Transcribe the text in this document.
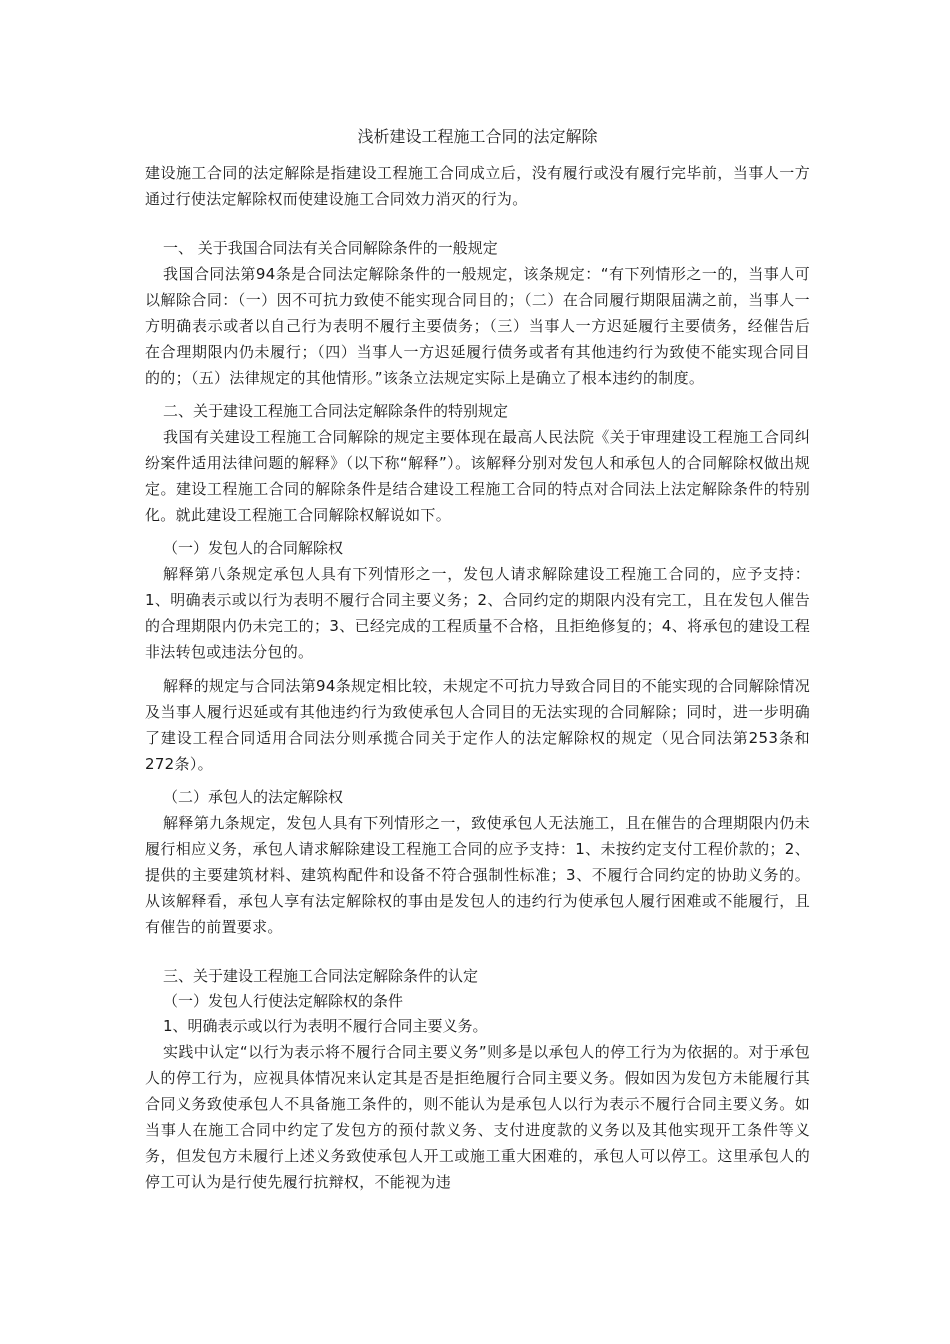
浅析建设工程施工合同的法定解除

建设施工合同的法定解除是指建设工程施工合同成立后，没有履行或没有履行完毕前，当事人一方通过行使法定解除权而使建设施工合同效力消灭的行为。

一、 关于我国合同法有关合同解除条件的一般规定

我国合同法第94条是合同法定解除条件的一般规定，该条规定：“有下列情形之一的，当事人可以解除合同：（一）因不可抗力致使不能实现合同目的；（二）在合同履行期限届满之前，当事人一方明确表示或者以自己行为表明不履行主要债务；（三）当事人一方迟延履行主要债务，经催告后在合理期限内仍未履行；（四）当事人一方迟延履行债务或者有其他违约行为致使不能实现合同目的的；（五）法律规定的其他情形。”该条立法规定实际上是确立了根本违约的制度。

二、关于建设工程施工合同法定解除条件的特别规定

我国有关建设工程施工合同解除的规定主要体现在最高人民法院《关于审理建设工程施工合同纠纷案件适用法律问题的解释》（以下称“解释”）。该解释分别对发包人和承包人的合同解除权做出规定。建设工程施工合同的解除条件是结合建设工程施工合同的特点对合同法上法定解除条件的特别化。就此建设工程施工合同解除权解说如下。

（一）发包人的合同解除权

解释第八条规定承包人具有下列情形之一，发包人请求解除建设工程施工合同的，应予支持：1、明确表示或以行为表明不履行合同主要义务；2、合同约定的期限内没有完工，且在发包人催告的合理期限内仍未完工的；3、已经完成的工程质量不合格，且拒绝修复的；4、将承包的建设工程非法转包或违法分包的。

解释的规定与合同法第94条规定相比较，未规定不可抗力导致合同目的不能实现的合同解除情况及当事人履行迟延或有其他违约行为致使承包人合同目的无法实现的合同解除；同时，进一步明确了建设工程合同适用合同法分则承揽合同关于定作人的法定解除权的规定（见合同法第253条和272条）。

（二）承包人的法定解除权

解释第九条规定，发包人具有下列情形之一，致使承包人无法施工，且在催告的合理期限内仍未履行相应义务，承包人请求解除建设工程施工合同的应予支持：1、未按约定支付工程价款的；2、提供的主要建筑材料、建筑构配件和设备不符合强制性标准；3、不履行合同约定的协助义务的。从该解释看，承包人享有法定解除权的事由是发包人的违约行为使承包人履行困难或不能履行，且有催告的前置要求。

三、关于建设工程施工合同法定解除条件的认定

（一）发包人行使法定解除权的条件

1、明确表示或以行为表明不履行合同主要义务。

实践中认定“以行为表示将不履行合同主要义务”则多是以承包人的停工行为为依据的。对于承包人的停工行为，应视具体情况来认定其是否是拒绝履行合同主要义务。假如因为发包方未能履行其合同义务致使承包人不具备施工条件的，则不能认为是承包人以行为表示不履行合同主要义务。如当事人在施工合同中约定了发包方的预付款义务、支付进度款的义务以及其他实现开工条件等义务，但发包方未履行上述义务致使承包人开工或施工重大困难的，承包人可以停工。这里承包人的停工可认为是行使先履行抗辩权，不能视为违
